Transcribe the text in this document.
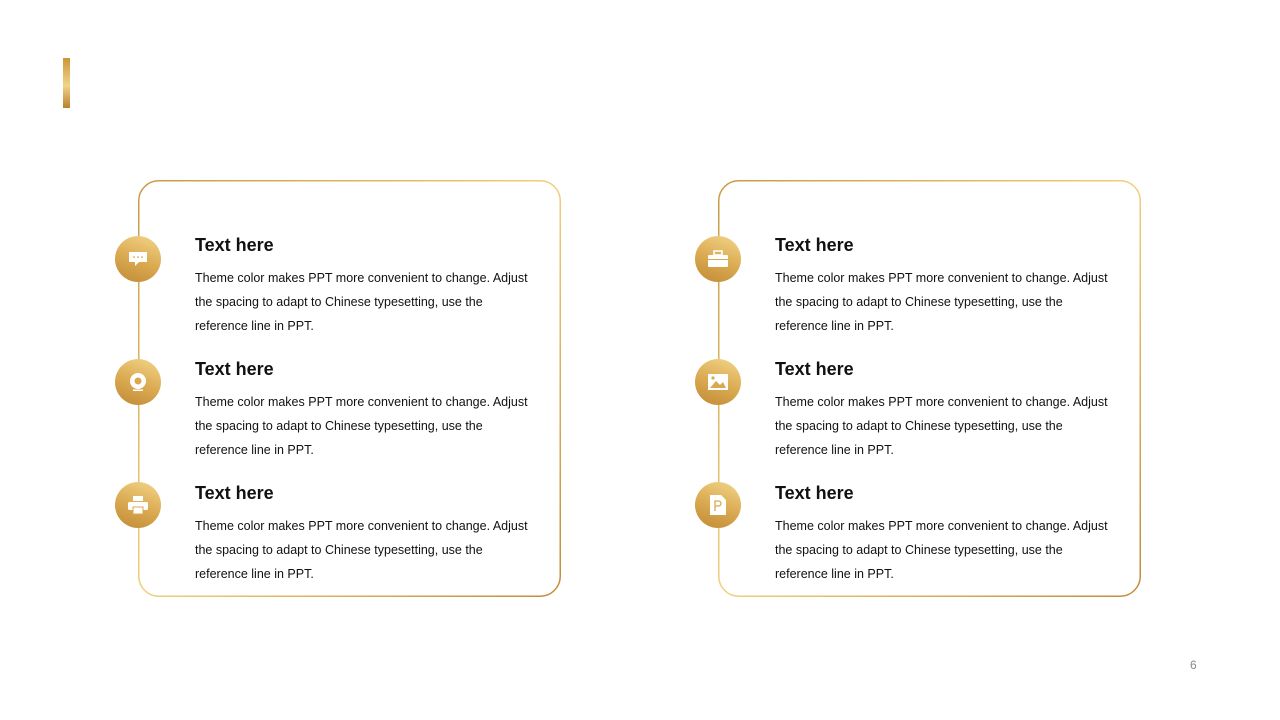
Text here
Theme color makes PPT more convenient to change. Adjust the spacing to adapt to Chinese typesetting, use the reference line in PPT.
Text here
Theme color makes PPT more convenient to change. Adjust the spacing to adapt to Chinese typesetting, use the reference line in PPT.
Text here
Theme color makes PPT more convenient to change. Adjust the spacing to adapt to Chinese typesetting, use the reference line in PPT.
Text here
Theme color makes PPT more convenient to change. Adjust the spacing to adapt to Chinese typesetting, use the reference line in PPT.
Text here
Theme color makes PPT more convenient to change. Adjust the spacing to adapt to Chinese typesetting, use the reference line in PPT.
Text here
Theme color makes PPT more convenient to change. Adjust the spacing to adapt to Chinese typesetting, use the reference line in PPT.
6
